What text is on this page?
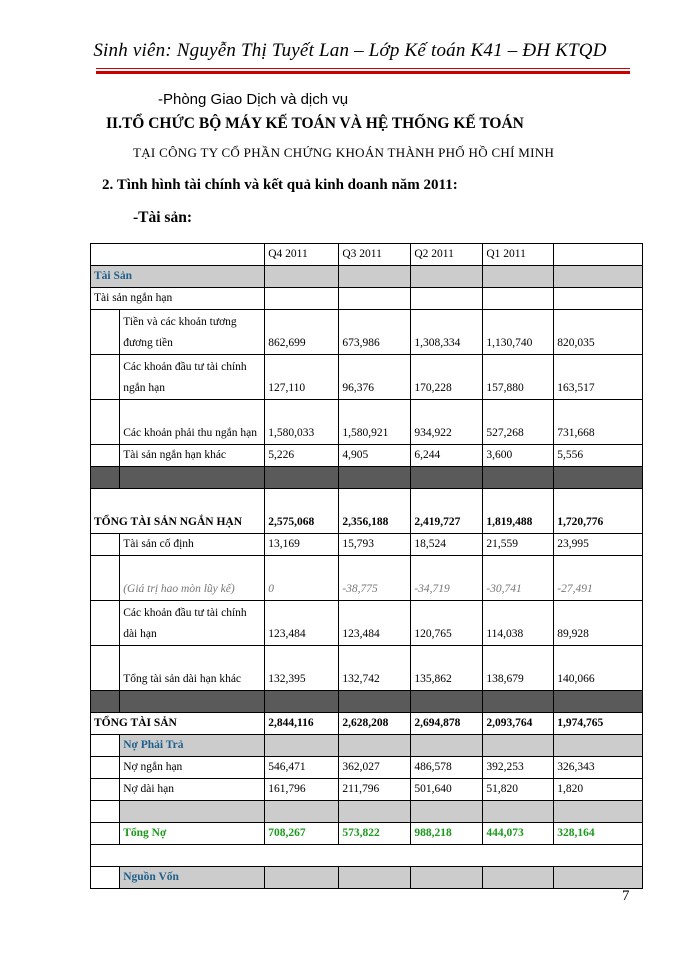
Sinh viên: Nguyễn Thị Tuyết Lan – Lớp Kế toán K41 – ĐH KTQD
-Phòng Giao Dịch và dịch vụ
II.TỔ CHỨC BỘ MÁY KẾ TOÁN VÀ HỆ THỐNG KẾ TOÁN
TẠI CÔNG TY CỔ PHẦN CHỨNG KHOÁN THÀNH PHỐ HỒ CHÍ MINH
2. Tình hình tài chính và kết quả kinh doanh năm 2011:
-Tài sản:
		Q4 2011	Q3 2011	Q2 2011	Q1 2011	
Tài Sản						
Tài sản ngắn hạn						
	Tiền và các khoản tương đương tiền	862,699	673,986	1,308,334	1,130,740	820,035
	Các khoản đầu tư tài chính ngắn hạn	127,110	96,376	170,228	157,880	163,517
	Các khoản phải thu ngắn hạn	1,580,033	1,580,921	934,922	527,268	731,668
	Tài sản ngắn hạn khác	5,226	4,905	6,244	3,600	5,556

TỔNG TÀI SẢN NGẮN HẠN		2,575,068	2,356,188	2,419,727	1,819,488	1,720,776
	Tài sản cố định	13,169	15,793	18,524	21,559	23,995
	(Giá trị hao mòn lũy kế)	0	-38,775	-34,719	-30,741	-27,491
	Các khoản đầu tư tài chính dài hạn	123,484	123,484	120,765	114,038	89,928
	Tổng tài sản dài hạn khác	132,395	132,742	135,862	138,679	140,066

TỔNG TÀI SẢN		2,844,116	2,628,208	2,694,878	2,093,764	1,974,765
	Nợ Phải Trả					
	Nợ ngắn hạn	546,471	362,027	486,578	392,253	326,343
	Nợ dài hạn	161,796	211,796	501,640	51,820	1,820

	Tổng Nợ	708,267	573,822	988,218	444,073	328,164

	Nguồn Vốn					
7
